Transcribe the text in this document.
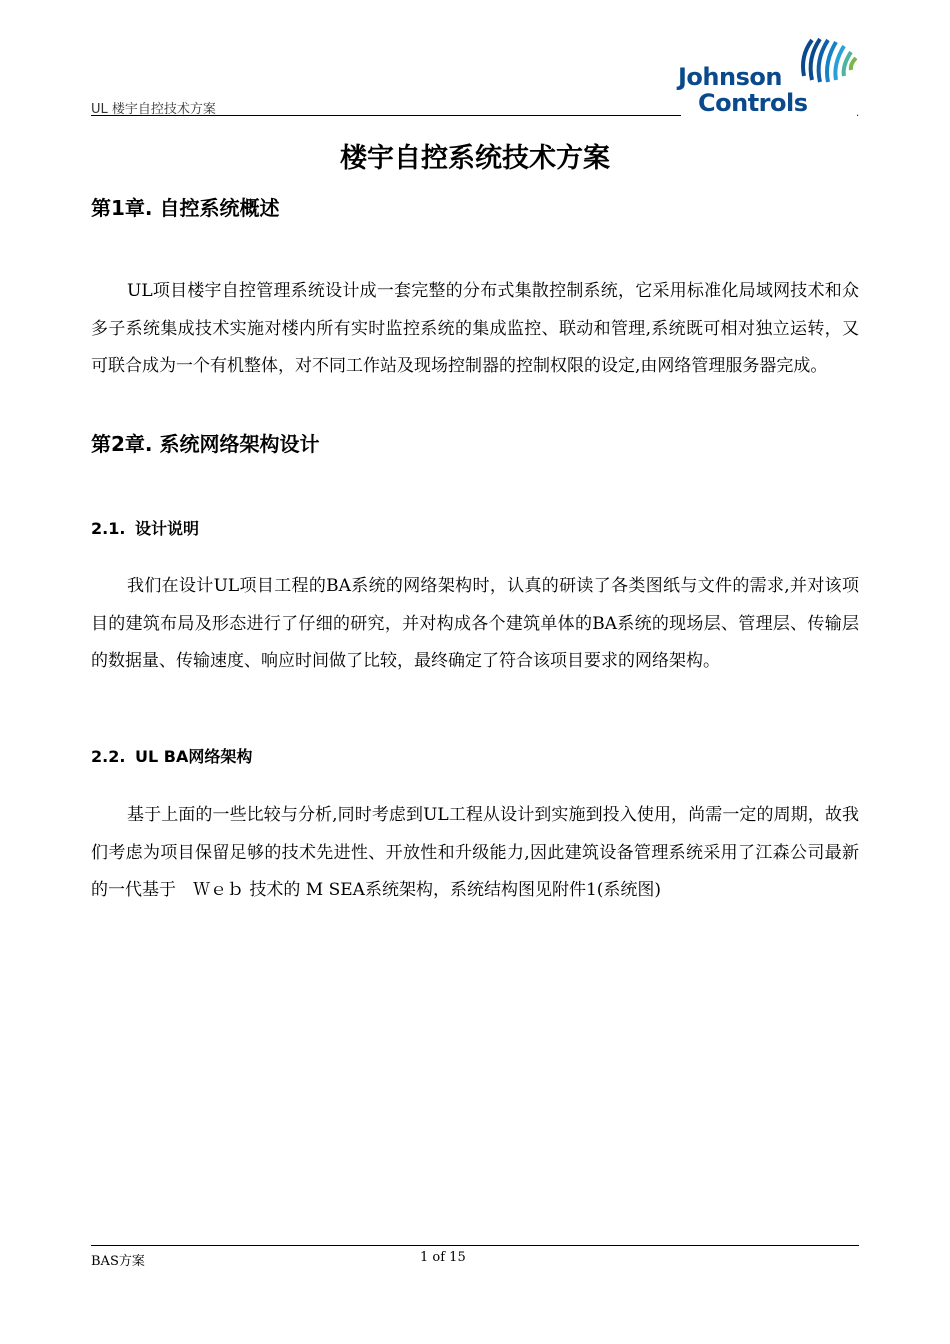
UL 楼宇自控技术方案
Johnson
Controls	.
楼宇自控系统技术方案
第1章. 自控系统概述
UL项目楼宇自控管理系统设计成一套完整的分布式集散控制系统，它采用标准化局域网技术和众多子系统集成技术实施对楼内所有实时监控系统的集成监控、联动和管理,系统既可相对独立运转，又可联合成为一个有机整体，对不同工作站及现场控制器的控制权限的设定,由网络管理服务器完成。
第2章. 系统网络架构设计
2.1. 设计说明
我们在设计UL项目工程的BA系统的网络架构时，认真的研读了各类图纸与文件的需求,并对该项目的建筑布局及形态进行了仔细的研究，并对构成各个建筑单体的BA系统的现场层、管理层、传输层的数据量、传输速度、响应时间做了比较，最终确定了符合该项目要求的网络架构。
2.2. UL BA网络架构
基于上面的一些比较与分析,同时考虑到UL工程从设计到实施到投入使用，尚需一定的周期，故我们考虑为项目保留足够的技术先进性、开放性和升级能力,因此建筑设备管理系统采用了江森公司最新的一代基于　Ｗｅｂ 技术的 M SEA系统架构，系统结构图见附件1(系统图)
BAS方案	1 of 15
